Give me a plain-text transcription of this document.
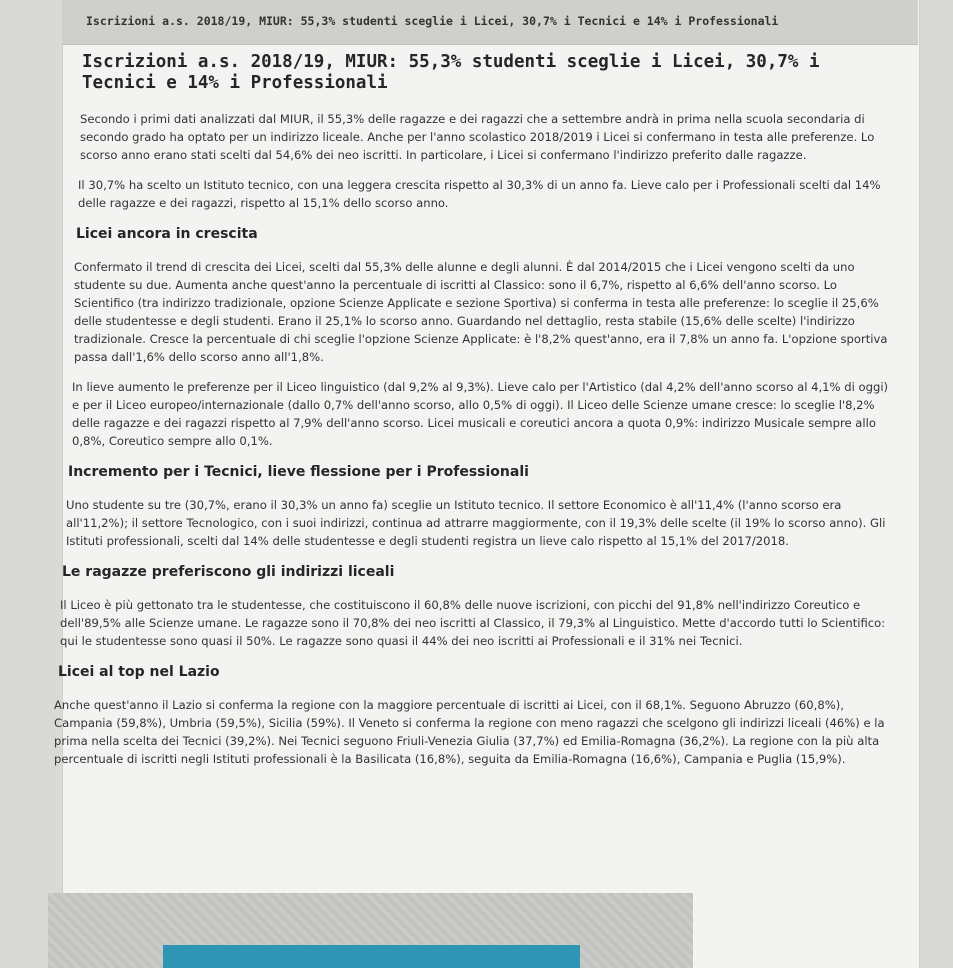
Iscrizioni a.s. 2018/19, MIUR: 55,3% studenti sceglie i Licei, 30,7% i Tecnici e 14% i Professionali
Iscrizioni a.s. 2018/19, MIUR: 55,3% studenti sceglie i Licei, 30,7% i Tecnici e 14% i Professionali

Secondo i primi dati analizzati dal MIUR, il 55,3% delle ragazze e dei ragazzi che a settembre andrà in prima nella scuola secondaria di secondo grado ha optato per un indirizzo liceale. Anche per l'anno scolastico 2018/2019 i Licei si confermano in testa alle preferenze. Lo scorso anno erano stati scelti dal 54,6% dei neo iscritti. In particolare, i Licei si confermano l'indirizzo preferito dalle ragazze.

Il 30,7% ha scelto un Istituto tecnico, con una leggera crescita rispetto al 30,3% di un anno fa. Lieve calo per i Professionali scelti dal 14% delle ragazze e dei ragazzi, rispetto al 15,1% dello scorso anno.

Licei ancora in crescita

Confermato il trend di crescita dei Licei, scelti dal 55,3% delle alunne e degli alunni. È dal 2014/2015 che i Licei vengono scelti da uno studente su due. Aumenta anche quest'anno la percentuale di iscritti al Classico: sono il 6,7%, rispetto al 6,6% dell'anno scorso. Lo Scientifico (tra indirizzo tradizionale, opzione Scienze Applicate e sezione Sportiva) si conferma in testa alle preferenze: lo sceglie il 25,6% delle studentesse e degli studenti. Erano il 25,1% lo scorso anno. Guardando nel dettaglio, resta stabile (15,6% delle scelte) l'indirizzo tradizionale. Cresce la percentuale di chi sceglie l'opzione Scienze Applicate: è l'8,2% quest'anno, era il 7,8% un anno fa. L'opzione sportiva passa dall'1,6% dello scorso anno all'1,8%.

In lieve aumento le preferenze per il Liceo linguistico (dal 9,2% al 9,3%). Lieve calo per l'Artistico (dal 4,2% dell'anno scorso al 4,1% di oggi) e per il Liceo europeo/internazionale (dallo 0,7% dell'anno scorso, allo 0,5% di oggi). Il Liceo delle Scienze umane cresce: lo sceglie l'8,2% delle ragazze e dei ragazzi rispetto al 7,9% dell'anno scorso. Licei musicali e coreutici ancora a quota 0,9%: indirizzo Musicale sempre allo 0,8%, Coreutico sempre allo 0,1%.

Incremento per i Tecnici, lieve flessione per i Professionali

Uno studente su tre (30,7%, erano il 30,3% un anno fa) sceglie un Istituto tecnico. Il settore Economico è all'11,4% (l'anno scorso era all'11,2%); il settore Tecnologico, con i suoi indirizzi, continua ad attrarre maggiormente, con il 19,3% delle scelte (il 19% lo scorso anno). Gli Istituti professionali, scelti dal 14% delle studentesse e degli studenti registra un lieve calo rispetto al 15,1% del 2017/2018.

Le ragazze preferiscono gli indirizzi liceali

Il Liceo è più gettonato tra le studentesse, che costituiscono il 60,8% delle nuove iscrizioni, con picchi del 91,8% nell'indirizzo Coreutico e dell'89,5% alle Scienze umane. Le ragazze sono il 70,8% dei neo iscritti al Classico, il 79,3% al Linguistico. Mette d'accordo tutti lo Scientifico: qui le studentesse sono quasi il 50%. Le ragazze sono quasi il 44% dei neo iscritti ai Professionali e il 31% nei Tecnici.

Licei al top nel Lazio

Anche quest'anno il Lazio si conferma la regione con la maggiore percentuale di iscritti ai Licei, con il 68,1%. Seguono Abruzzo (60,8%), Campania (59,8%), Umbria (59,5%), Sicilia (59%). Il Veneto si conferma la regione con meno ragazzi che scelgono gli indirizzi liceali (46%) e la prima nella scelta dei Tecnici (39,2%). Nei Tecnici seguono Friuli-Venezia Giulia (37,7%) ed Emilia-Romagna (36,2%). La regione con la più alta percentuale di iscritti negli Istituti professionali è la Basilicata (16,8%), seguita da Emilia-Romagna (16,6%), Campania e Puglia (15,9%).
